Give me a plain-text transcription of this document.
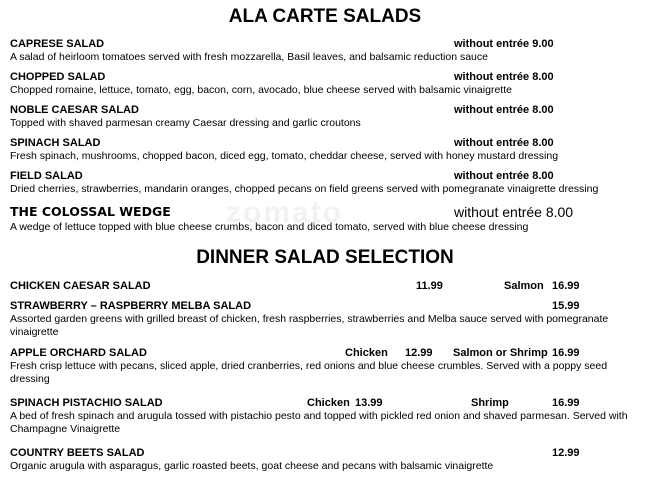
zomato
ALA CARTE SALADS
CAPRESE SALAD	without entrée 9.00
A salad of heirloom tomatoes served with fresh mozzarella, Basil leaves, and balsamic reduction sauce
CHOPPED SALAD	without entrée 8.00
Chopped romaine, lettuce, tomato, egg, bacon, corn, avocado, blue cheese served with balsamic vinaigrette
NOBLE CAESAR SALAD	without entrée 8.00
Topped with shaved parmesan creamy Caesar dressing and garlic croutons
SPINACH SALAD	without entrée 8.00
Fresh spinach, mushrooms, chopped bacon, diced egg, tomato, cheddar cheese, served with honey mustard dressing
FIELD SALAD	without entrée 8.00
Dried cherries, strawberries, mandarin oranges, chopped pecans on field greens served with pomegranate vinaigrette dressing
THE COLOSSAL WEDGE	without entrée 8.00
A wedge of lettuce topped with blue cheese crumbs, bacon and diced tomato, served with blue cheese dressing
DINNER SALAD SELECTION
CHICKEN CAESAR SALAD	11.99	Salmon 16.99
STRAWBERRY – RASPBERRY MELBA SALAD	15.99
Assorted garden greens with grilled breast of chicken, fresh raspberries, strawberries and Melba sauce served with pomegranate vinaigrette
APPLE ORCHARD SALAD	Chicken 12.99 Salmon or Shrimp 16.99
Fresh crisp lettuce with pecans, sliced apple, dried cranberries, red onions and blue cheese crumbles. Served with a poppy seed dressing
SPINACH PISTACHIO SALAD	Chicken 13.99	Shrimp	16.99
A bed of fresh spinach and arugula tossed with pistachio pesto and topped with pickled red onion and shaved parmesan. Served with Champagne Vinaigrette
COUNTRY BEETS SALAD	12.99
Organic arugula with asparagus, garlic roasted beets, goat cheese and pecans with balsamic vinaigrette
